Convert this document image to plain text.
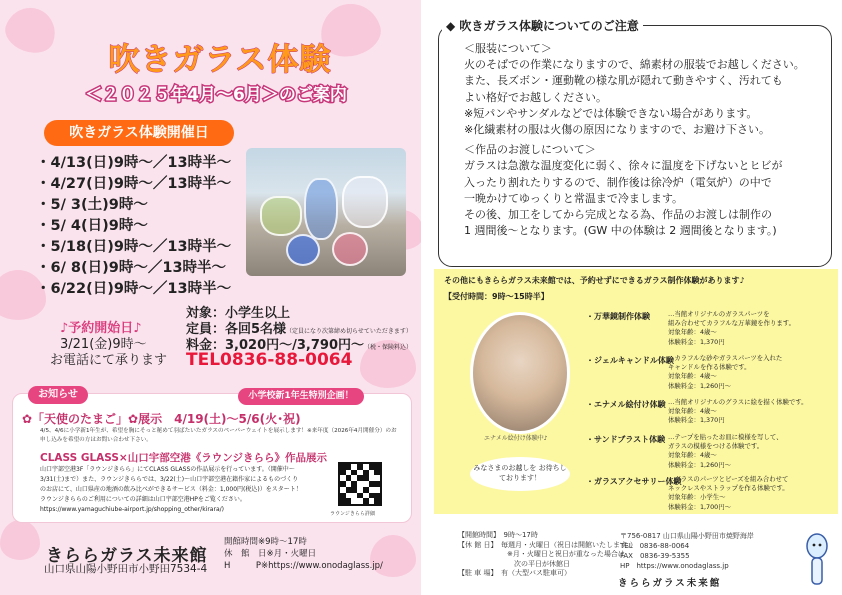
吹きガラス体験
＜２０２５年4月～6月＞のご案内
吹きガラス体験開催日
・4/13(日)9時～／13時半～
・4/27(日)9時～／13時半～
・5/ 3(土)9時～
・5/ 4(日)9時～
・5/18(日)9時～／13時半～
・6/ 8(日)9時～／13時半～
・6/22(日)9時～／13時半～
♪予約開始日♪
3/21(金)9時～
お電話にて承ります
対象：小学生以上
定員：各回5名様（定員になり次第締め切らせていただきます）
料金：3,020円～/3,790円～（税・保険料込）
TEL0836-88-0064
お知らせ	小学校新1年生特別企画！
✿「天使のたまご」✿展示　4/19(土)～5/6(火･祝)
4/5、4/6に小学新1年生が、希望を胸にそっと秘めて羽ばたいたガラスのペーパーウェイトを展示します！※来年度（2026年4月開催分）のお申し込みを希望の方はお問い合わせ下さい。
CLASS GLASS×山口宇部空港《ラウンジきらら》作品展示
山口宇部空港3F「ラウンジきらら」にてCLASS GLASSの作品展示を行っています。（開催中～3/31(土)まで）また、ラウンジきららでは、3/22(土)～山口宇部空港在籍作家によるものづくりのお店にて、山口県産の地酒の飲み比べができるサービス（料金：1,000円(税込)）をスタート！ラウンジきららのご利用についての詳細は山口宇部空港HPをご覧ください。 https://www.yamaguchiube-airport.jp/shopping_other/kirara/)
ラウンジきらら詳細
きららガラス未来館
山口県山陽小野田市小野田7534-4
開館時間※9時～17時
休　館　日※月・火曜日
H　　　P※https://www.onodaglass.jp/
◆ 吹きガラス体験についてのご注意

＜服装について＞

火のそばでの作業になりますので、綿素材の服装でお越しください。

また、長ズボン・運動靴の様な肌が隠れて動きやすく、汚れても

よい格好でお越しください。

※短パンやサンダルなどでは体験できない場合があります。

※化繊素材の服は火傷の原因になりますので、お避け下さい。

＜作品のお渡しについて＞

ガラスは急激な温度変化に弱く、徐々に温度を下げないとヒビが

入ったり割れたりするので、制作後は徐冷炉（電気炉）の中で

一晩かけてゆっくりと常温まで冷まします。

その後、加工をしてから完成となる為、作品のお渡しは制作の

1 週間後～となります。(GW 中の体験は 2 週間後となります。)

その他にもきららガラス未来館では、予約せずにできるガラス制作体験があります♪
【受付時間：9時～15時半】
エナメル絵付け体験中♪
みなさまのお越しを お待ちしております！
・万華鏡制作体験	…当館オリジナルのガラスパーツを
組み合わせてカラフルな万華鏡を作ります。
対象年齢：4歳～
体験料金：1,370円
・ジェルキャンドル体験
…カラフルな砂やガラスパーツを入れた
キャンドルを作る体験です。
対象年齢：4歳～
体験料金：1,260円～
・エナメル絵付け体験 …当館オリジナルのグラスに絵を描く体験です。
対象年齢：4歳～
体験料金：1,370円
・サンドブラスト体験 …テープを貼ったお皿に模様を写して、
ガラスの模様をつける体験です。
対象年齢：4歳～
体験料金：1,260円～
・ガラスアクセサリー体験
…ガラスのパーツとビーズを組み合わせて
ネックレスやストラップを作る体験です。
対象年齢：小学生～
体験料金：1,700円～
【開館時間】　9時～17時
【休 館 日】　毎週月・火曜日（祝日は開館いたします。）
　　　　　　　※月・火曜日と祝日が重なった場合は
　　　　　　　　次の平日が休館日
【駐 車 場】　有（大型バス駐車可）
〒756-0817 山口県山陽小野田市焼野海岸
TEL　0836-88-0064
FAX　0836-39-5355
HP　https://www.onodaglass.jp
きららガラス未来館
